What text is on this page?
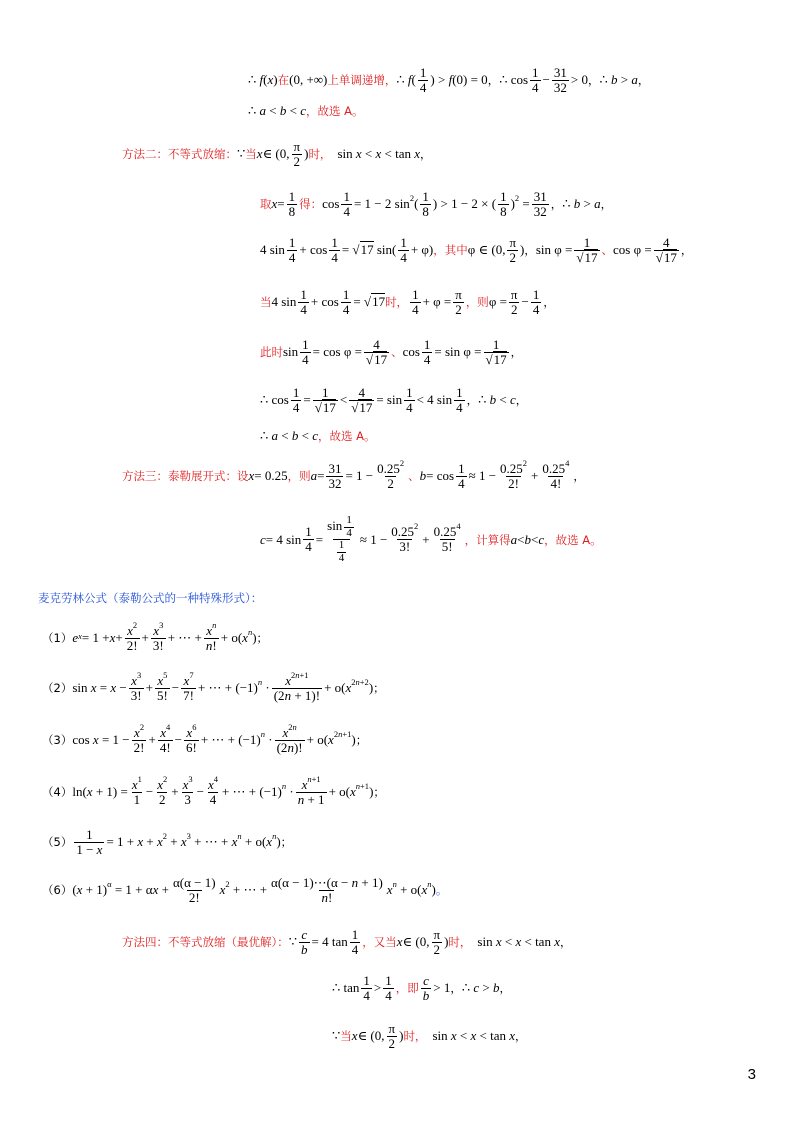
∴ f(x) 在 (0, +∞) 上单调递增， ∴ $f( \frac{1}{4}$ ) > f(0) = 0 ， ∴ $\cos \frac{1}{4} - \frac{31}{32} > 0$ ， ∴ b > a ，
∴ a < b < c ，故选 A。
方法二：不等式放缩： ∵ 当 x ∈ (0, $\frac{\pi}{2}$ ) 时， sin x < x < tan x ，
取 $x = \frac{1}{8}$ 得： $\cos \frac{1}{4} = 1 - 2$ $\sin^2( \frac{1}{8}$ ) > 1 − 2 × ( $\frac{1}{8} )^2 = \frac{31}{32}$ ， ∴ b > a ，
4 $\sin \frac{1}{4} + \cos \frac{1}{4} = √17$ $\sin( \frac{1}{4} + \varphi)$ ，其中 φ ∈ (0, $\frac{\pi}{2}$ ) ， $\sin \varphi = \frac{1}{√17}$ 、 $\cos \varphi = \frac{4}{√17}$ ，
当 4 $\sin \frac{1}{4} + \cos \frac{1}{4} = √17$ 时， $\frac{1}{4} + \varphi = \frac{\pi}{2}$ ，则 $\varphi = \frac{\pi}{2} - \frac{1}{4}$ ，
此时 $\sin \frac{1}{4} = \cos \varphi = \frac{4}{√17}$ 、 $\cos \frac{1}{4} = \sin \varphi = \frac{1}{√17}$ ，
∴ $\cos \frac{1}{4} = \frac{1}{√17} < \frac{4}{√17} = \sin \frac{1}{4} < 4$ $\sin \frac{1}{4}$ ， ∴ b < c ，
∴ a < b < c ，故选 A。
方法三：泰勒展开式：设 x = 0.25 ，则 $a = \frac{31}{32} = 1 - \frac{0.25^2}{2}$ 、 $b = \cos \frac{1}{4} \approx 1 - \frac{0.25^2}{2!} + \frac{0.25^4}{4!}$ ，
c = 4 $\sin \frac{1}{4} = \frac{\sin \frac{1}{4}}{\frac{1}{4}} \approx 1 - \frac{0.25^2}{3!} + \frac{0.25^4}{5!}$ ，计算得 a < b < c ，故选 A。
麦克劳林公式（泰勒公式的一种特殊形式）：
（1） $e^x = 1 + x + \frac{x^2}{2!} + \frac{x^3}{3!}$ + ⋯ + $\frac{x^n}{n!} + o(x^n)$ ；
（2） $\sin x = x - \frac{x^3}{3!} + \frac{x^5}{5!} - \frac{x^7}{7!}$ + ⋯ + $(-1)^n \cdot \frac{x^{2n+1}}{(2n + 1)!} + o(x^{2n+2})$ ；
（3） $\cos x = 1 - \frac{x^2}{2!} + \frac{x^4}{4!} - \frac{x^6}{6!}$ + ⋯ + $(-1)^n \cdot \frac{x^{2n}}{(2n)!} + o(x^{2n+1})$ ；
（4） $\ln(x + 1) = \frac{x^1}{1} - \frac{x^2}{2} + \frac{x^3}{3} - \frac{x^4}{4}$ + ⋯ + $(-1)^n \cdot \frac{x^{n+1}}{n + 1} + o(x^{n+1})$ ；
$(5) \frac{1}{1 - x} = 1 + x + x^2 + x^3$ + ⋯ + $x^n + o(x^n)$ ；
（6） $(x + 1)^\alpha = 1 + \alpha x + \frac{\alpha(\alpha - 1)}{2!} x^2$ + ⋯ + $\frac{\alpha(\alpha - 1)\cdots(\alpha - n + 1)}{n!} x^n + o(x^n)$ 。
方法四：不等式放缩（最优解）： ∵ $\frac{c}{b} = 4$ $\tan \frac{1}{4}$ ，又当 x ∈ (0, $\frac{\pi}{2}$ ) 时， sin x < x < tan x ，
∴ $\tan \frac{1}{4} > \frac{1}{4}$ ，即 $\frac{c}{b} > 1$ ， ∴ c > b ，
∵ 当 x ∈ (0, $\frac{\pi}{2}$ ) 时， sin x < x < tan x ，
3
